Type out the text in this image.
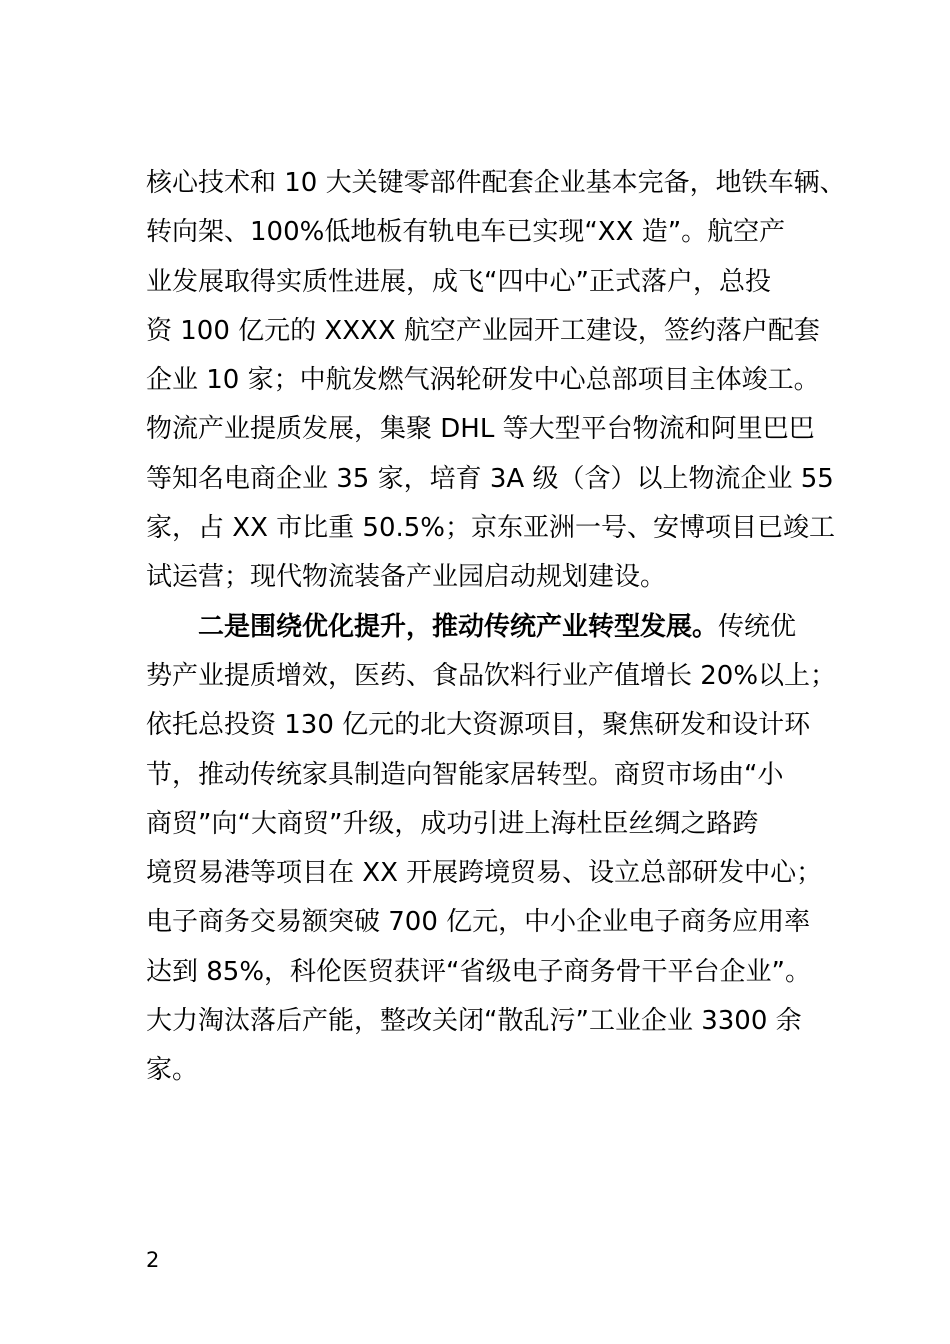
核心技术和 10 大关键零部件配套企业基本完备，地铁车辆、
转向架、100%低地板有轨电车已实现“XX 造”。航空产
业发展取得实质性进展，成飞“四中心”正式落户，总投
资 100 亿元的 XXXX 航空产业园开工建设，签约落户配套
企业 10 家；中航发燃气涡轮研发中心总部项目主体竣工。
物流产业提质发展，集聚 DHL 等大型平台物流和阿里巴巴
等知名电商企业 35 家，培育 3A 级（含）以上物流企业 55
家，占 XX 市比重 50.5%；京东亚洲一号、安博项目已竣工
试运营；现代物流装备产业园启动规划建设。
二是围绕优化提升，推动传统产业转型发展。传统优
势产业提质增效，医药、食品饮料行业产值增长 20%以上；
依托总投资 130 亿元的北大资源项目，聚焦研发和设计环
节，推动传统家具制造向智能家居转型。商贸市场由“小
商贸”向“大商贸”升级，成功引进上海杜臣丝绸之路跨
境贸易港等项目在 XX 开展跨境贸易、设立总部研发中心；
电子商务交易额突破 700 亿元，中小企业电子商务应用率
达到 85%，科伦医贸获评“省级电子商务骨干平台企业”。
大力淘汰落后产能，整改关闭“散乱污”工业企业 3300 余
家。
2
